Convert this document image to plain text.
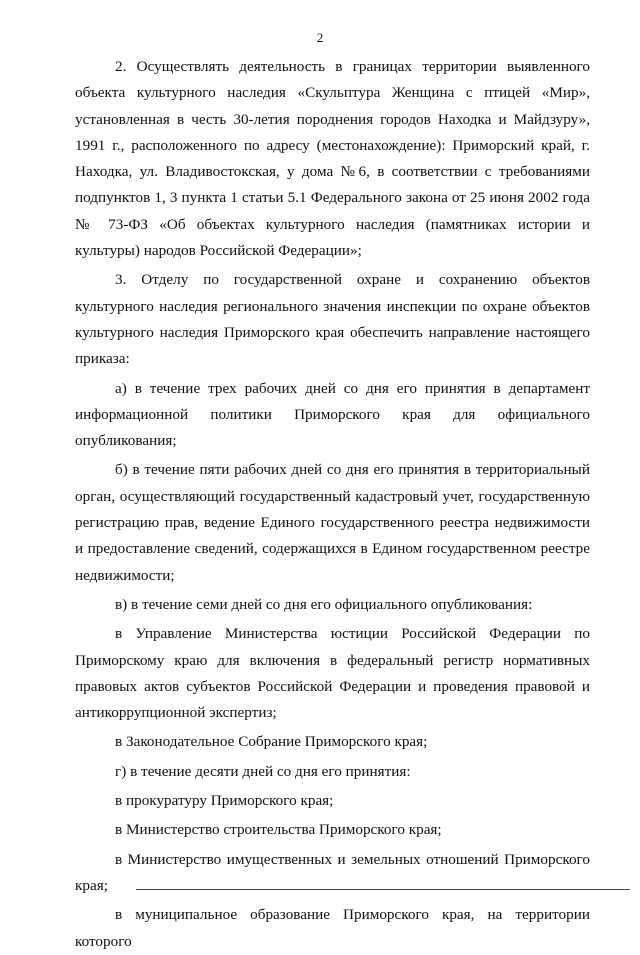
2

2. Осуществлять деятельность в границах территории выявленного объекта культурного наследия «Скульптура Женщина с птицей «Мир», установленная в честь 30-летия породнения городов Находка и Майдзуру», 1991 г., расположенного по адресу (местонахождение): Приморский край, г. Находка, ул. Владивостокская, у дома №6, в соответствии с требованиями подпунктов 1, 3 пункта 1 статьи 5.1 Федерального закона от 25 июня 2002 года № 73-ФЗ «Об объектах культурного наследия (памятниках истории и культуры) народов Российской Федерации»;

3. Отделу по государственной охране и сохранению объектов культурного наследия регионального значения инспекции по охране объектов культурного наследия Приморского края обеспечить направление настоящего приказа:

а) в течение трех рабочих дней со дня его принятия в департамент информационной политики Приморского края для официального опубликования;

б) в течение пяти рабочих дней со дня его принятия в территориальный орган, осуществляющий государственный кадастровый учет, государственную регистрацию прав, ведение Единого государственного реестра недвижимости и предоставление сведений, содержащихся в Едином государственном реестре недвижимости;

в) в течение семи дней со дня его официального опубликования:

в Управление Министерства юстиции Российской Федерации по Приморскому краю для включения в федеральный регистр нормативных правовых актов субъектов Российской Федерации и проведения правовой и антикоррупционной экспертиз;

в Законодательное Собрание Приморского края;

г) в течение десяти дней со дня его принятия:

в прокуратуру Приморского края;

в Министерство строительства Приморского края;

в Министерство имущественных и земельных отношений Приморского края;

в муниципальное образование Приморского края, на территории которого
